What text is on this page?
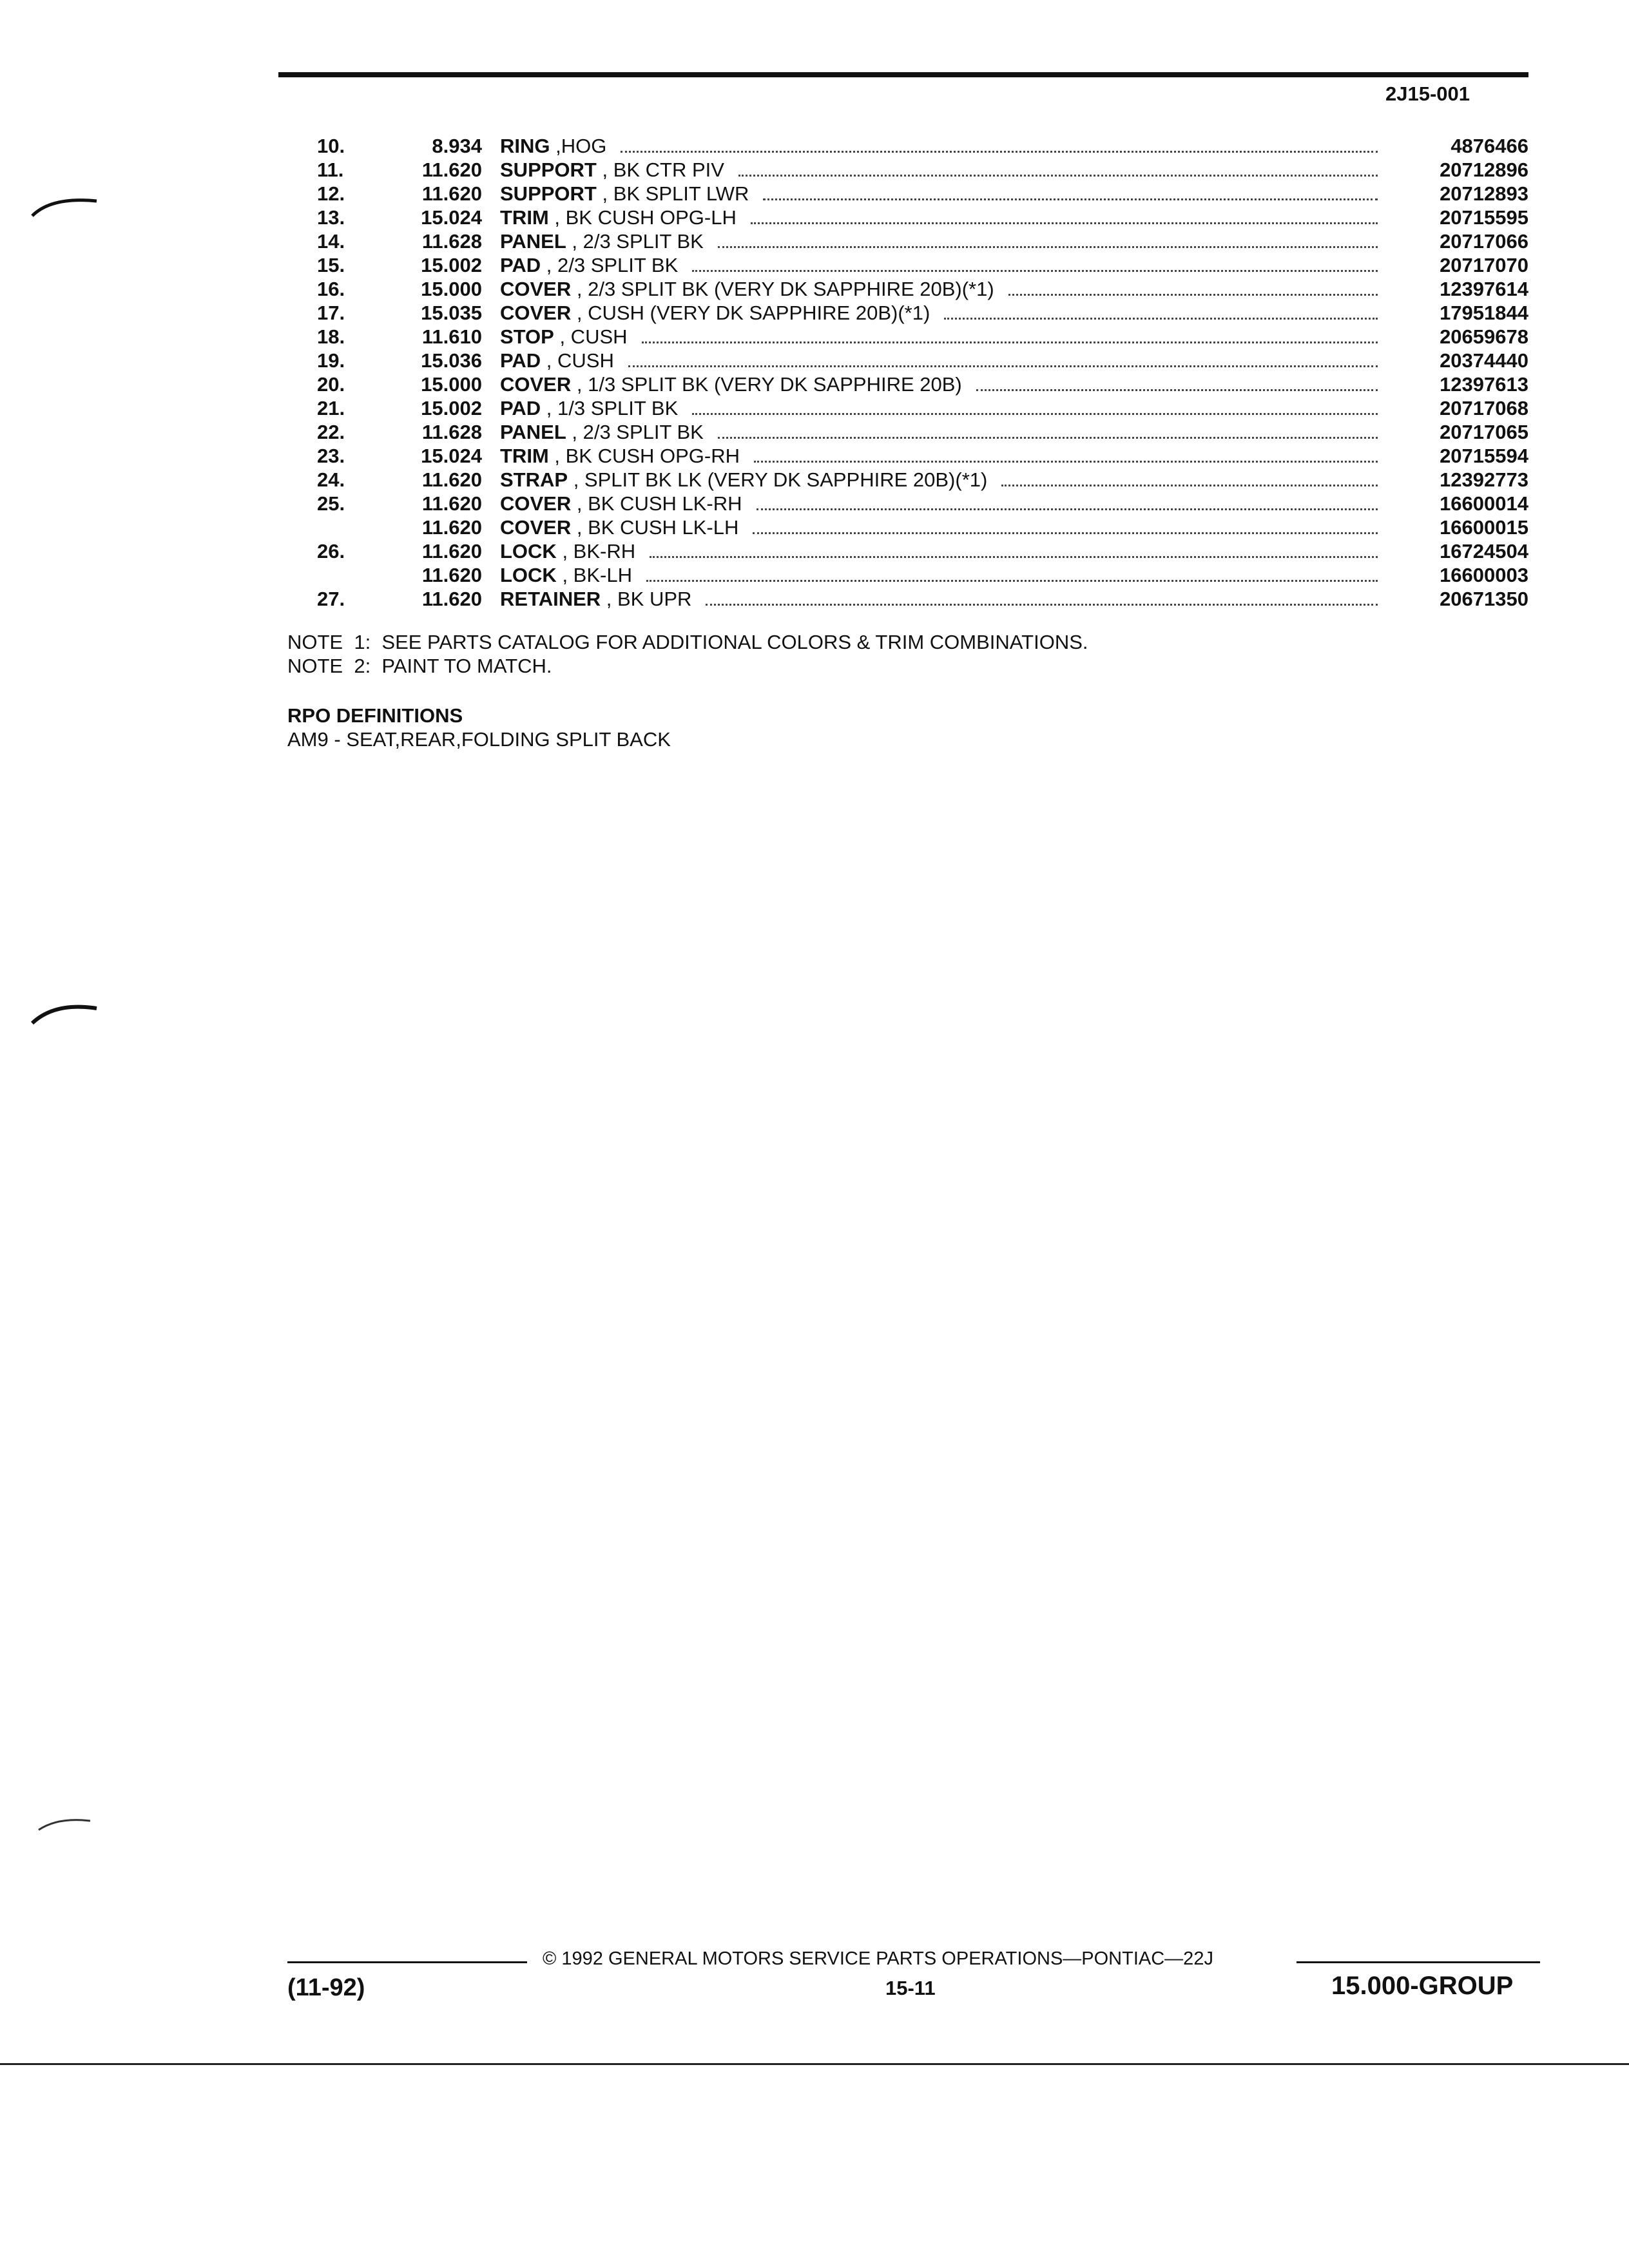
2J15-001
10.	8.934 RING ,HOG	4876466
11.	11.620 SUPPORT , BK CTR PIV	20712896
12.	11.620 SUPPORT , BK SPLIT LWR	20712893
13.	15.024 TRIM , BK CUSH OPG-LH	20715595
14.	11.628 PANEL , 2/3 SPLIT BK	20717066
15.	15.002 PAD , 2/3 SPLIT BK	20717070
16.	15.000 COVER , 2/3 SPLIT BK (VERY DK SAPPHIRE 20B)(*1)	12397614
17.	15.035 COVER , CUSH (VERY DK SAPPHIRE 20B)(*1)	17951844
18.	11.610 STOP , CUSH	20659678
19.	15.036 PAD , CUSH	20374440
20.	15.000 COVER , 1/3 SPLIT BK (VERY DK SAPPHIRE 20B)	12397613
21.	15.002 PAD , 1/3 SPLIT BK	20717068
22.	11.628 PANEL , 2/3 SPLIT BK	20717065
23.	15.024 TRIM , BK CUSH OPG-RH	20715594
24.	11.620 STRAP , SPLIT BK LK (VERY DK SAPPHIRE 20B)(*1)	12392773
25.	11.620 COVER , BK CUSH LK-RH	16600014
11.620 COVER , BK CUSH LK-LH	16600015
26.	11.620 LOCK , BK-RH	16724504
11.620 LOCK , BK-LH	16600003
27.	11.620 RETAINER , BK UPR	20671350
NOTE  1:  SEE PARTS CATALOG FOR ADDITIONAL COLORS & TRIM COMBINATIONS.
NOTE  2:  PAINT TO MATCH.
RPO DEFINITIONS
AM9 - SEAT,REAR,FOLDING SPLIT BACK
© 1992 GENERAL MOTORS SERVICE PARTS OPERATIONS—PONTIAC—22J
(11-92)	15-11	15.000-GROUP
